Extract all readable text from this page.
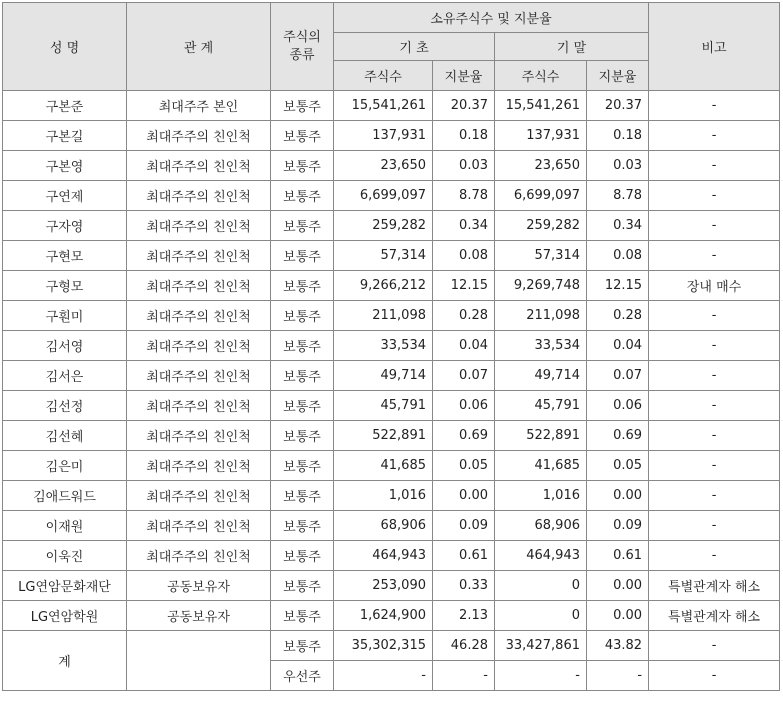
성 명	관 계	주식의
종류	소유주식수 및 지분율				비고
			기 초		기 말		
			주식수	지분율	주식수	지분율	
구본준	최대주주 본인	보통주	15,541,261	20.37	15,541,261	20.37	-
구본길	최대주주의 친인척	보통주	137,931	0.18	137,931	0.18	-
구본영	최대주주의 친인척	보통주	23,650	0.03	23,650	0.03	-
구연제	최대주주의 친인척	보통주	6,699,097	8.78	6,699,097	8.78	-
구자영	최대주주의 친인척	보통주	259,282	0.34	259,282	0.34	-
구현모	최대주주의 친인척	보통주	57,314	0.08	57,314	0.08	-
구형모	최대주주의 친인척	보통주	9,266,212	12.15	9,269,748	12.15	장내 매수
구훤미	최대주주의 친인척	보통주	211,098	0.28	211,098	0.28	-
김서영	최대주주의 친인척	보통주	33,534	0.04	33,534	0.04	-
김서은	최대주주의 친인척	보통주	49,714	0.07	49,714	0.07	-
김선정	최대주주의 친인척	보통주	45,791	0.06	45,791	0.06	-
김선혜	최대주주의 친인척	보통주	522,891	0.69	522,891	0.69	-
김은미	최대주주의 친인척	보통주	41,685	0.05	41,685	0.05	-
김애드워드	최대주주의 친인척	보통주	1,016	0.00	1,016	0.00	-
이재원	최대주주의 친인척	보통주	68,906	0.09	68,906	0.09	-
이욱진	최대주주의 친인척	보통주	464,943	0.61	464,943	0.61	-
LG연암문화재단	공동보유자	보통주	253,090	0.33	0	0.00	특별관계자 해소
LG연암학원	공동보유자	보통주	1,624,900	2.13	0	0.00	특별관계자 해소
계		보통주	35,302,315	46.28	33,427,861	43.82	-
		우선주	-	-	-	-	-
